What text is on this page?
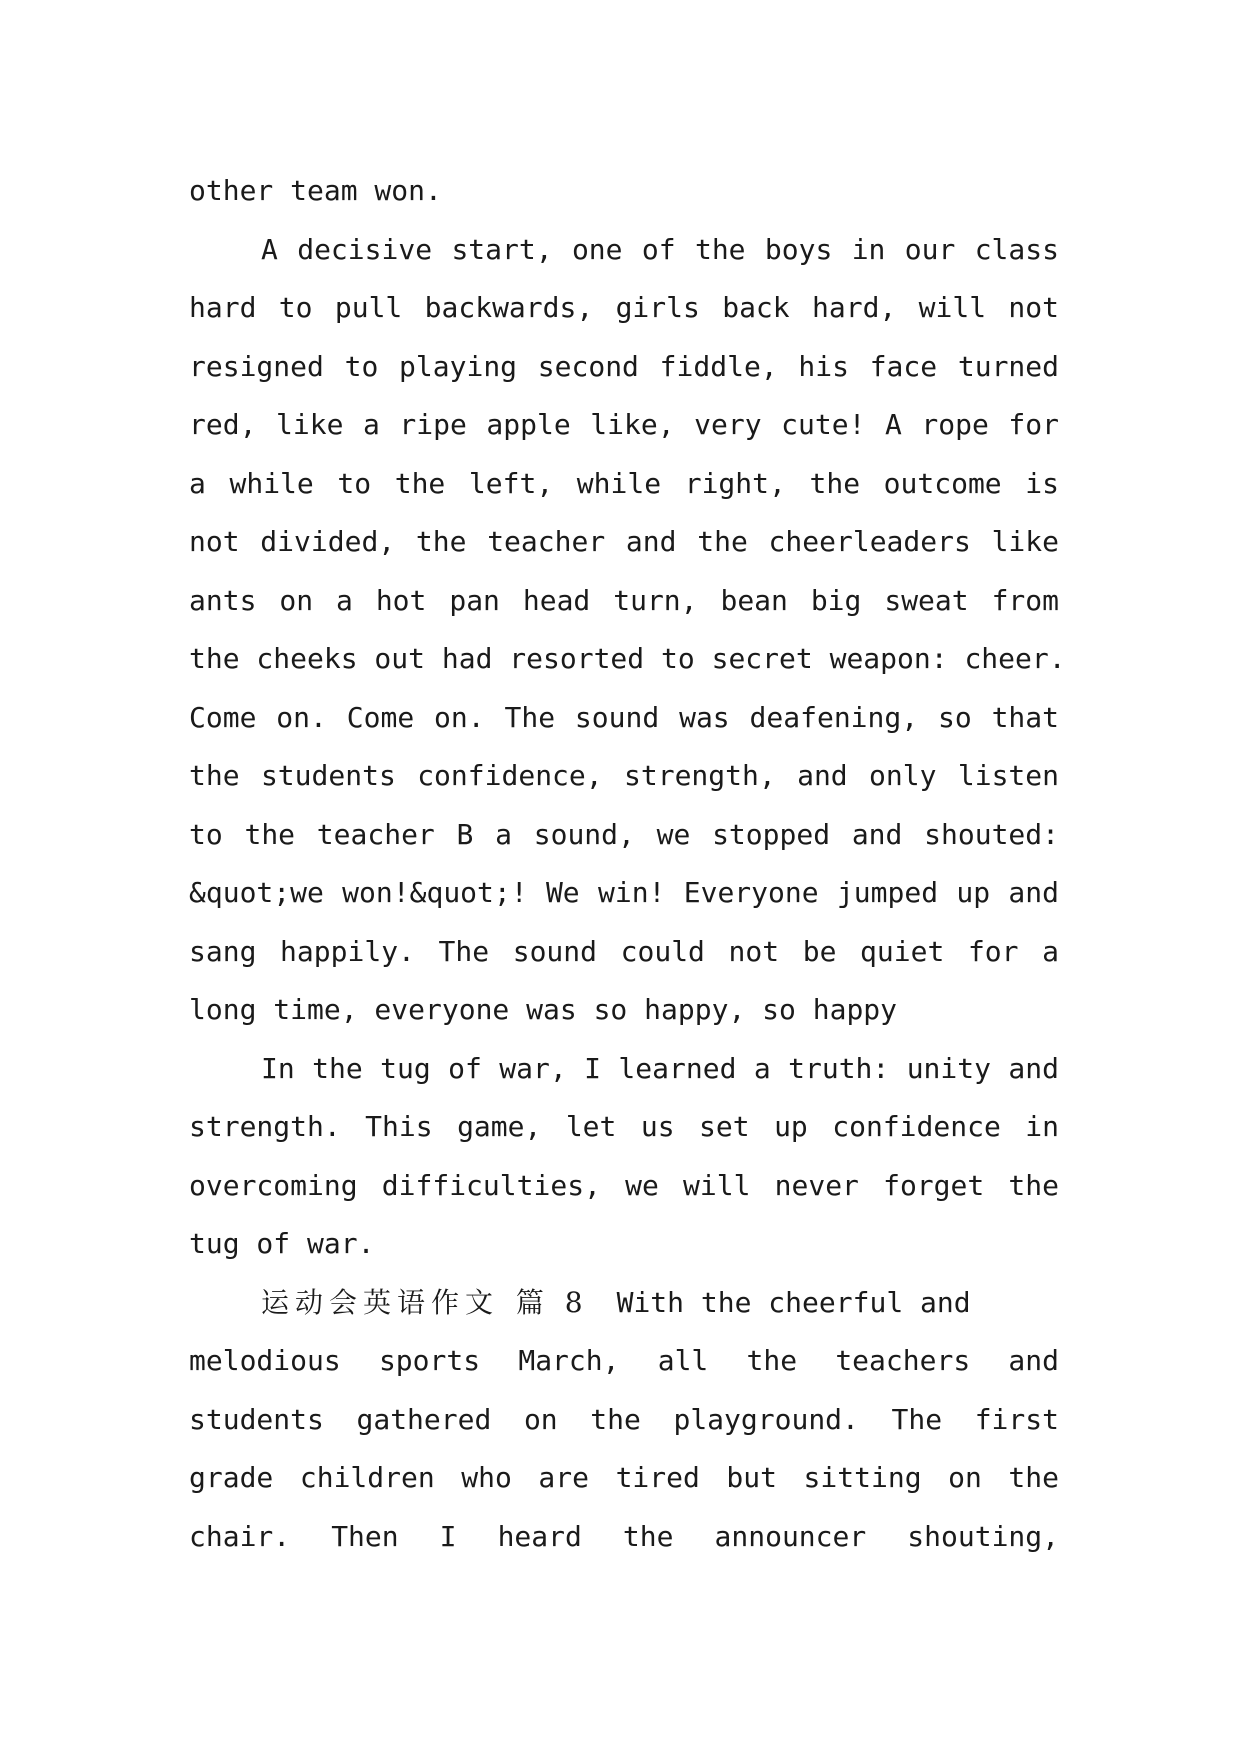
other team won.
A decisive start, one of the boys in our class
hard to pull backwards, girls back hard, will not
resigned to playing second fiddle, his face turned
red, like a ripe apple like, very cute! A rope for
a while to the left, while right, the outcome is
not divided, the teacher and the cheerleaders like
ants on a hot pan head turn, bean big sweat from
the cheeks out had resorted to secret weapon: cheer.
Come on. Come on. The sound was deafening, so that
the students confidence, strength, and only listen
to the teacher B a sound, we stopped and shouted:
&quot;we won!&quot;! We win! Everyone jumped up and
sang happily. The sound could not be quiet for a
long time, everyone was so happy, so happy
In the tug of war, I learned a truth: unity and
strength. This game, let us set up confidence in
overcoming difficulties, we will never forget the
tug of war.
运动会英语作文 篇 8 With the cheerful and
melodious sports March, all the teachers and
students gathered on the playground. The first
grade children who are tired but sitting on the
chair. Then I heard the announcer shouting,
